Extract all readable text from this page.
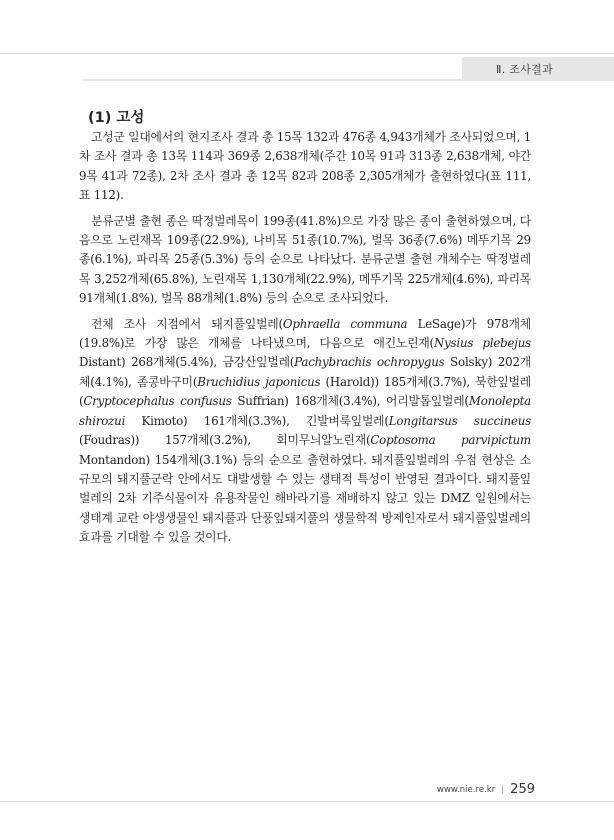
Ⅱ. 조사결과
(1) 고성

고성군 일대에서의 현지조사 결과 총 15목 132과 476종 4,943개체가 조사되었으며, 1차 조사 결과 총 13목 114과 369종 2,638개체(주간 10목 91과 313종 2,638개체, 야간 9목 41과 72종), 2차 조사 결과 총 12목 82과 208종 2,305개체가 출현하였다(표 111, 표 112).

분류군별 출현 종은 딱정벌레목이 199종(41.8%)으로 가장 많은 종이 출현하였으며, 다음으로 노린재목 109종(22.9%), 나비목 51종(10.7%), 벌목 36종(7.6%) 메뚜기목 29종(6.1%), 파리목 25종(5.3%) 등의 순으로 나타났다. 분류군별 출현 개체수는 딱정벌레목 3,252개체(65.8%), 노린재목 1,130개체(22.9%), 메뚜기목 225개체(4.6%), 파리목 91개체(1.8%), 벌목 88개체(1.8%) 등의 순으로 조사되었다.

전체 조사 지점에서 돼지풀잎벌레(Ophraella communa LeSage)가 978개체(19.8%)로 가장 많은 개체를 나타냈으며, 다음으로 애긴노린재(Nysius plebejus Distant) 268개체(5.4%), 금강산잎벌레(Pachybrachis ochropygus Solsky) 202개체(4.1%), 좀콩바구미(Bruchidius japonicus (Harold)) 185개체(3.7%), 북한잎벌레(Cryptocephalus confusus Suffrian) 168개체(3.4%), 어리발톱잎벌레(Monolepta shirozui Kimoto) 161개체(3.3%), 긴발벼룩잎벌레(Longitarsus succineus (Foudras)) 157개체(3.2%), 회미무늬알노린재(Coptosoma parvipictum Montandon) 154개체(3.1%) 등의 순으로 출현하였다. 돼지풀잎벌레의 우점 현상은 소규모의 돼지풀군락 안에서도 대발생할 수 있는 생태적 특성이 반영된 결과이다. 돼지풀잎벌레의 2차 기주식물이자 유용작물인 해바라기를 재배하지 않고 있는 DMZ 일원에서는 생태계 교란 야생생물인 돼지풀과 단풍잎돼지풀의 생물학적 방제인자로서 돼지풀잎벌레의 효과를 기대할 수 있을 것이다.

www.nie.re.kr | 259
